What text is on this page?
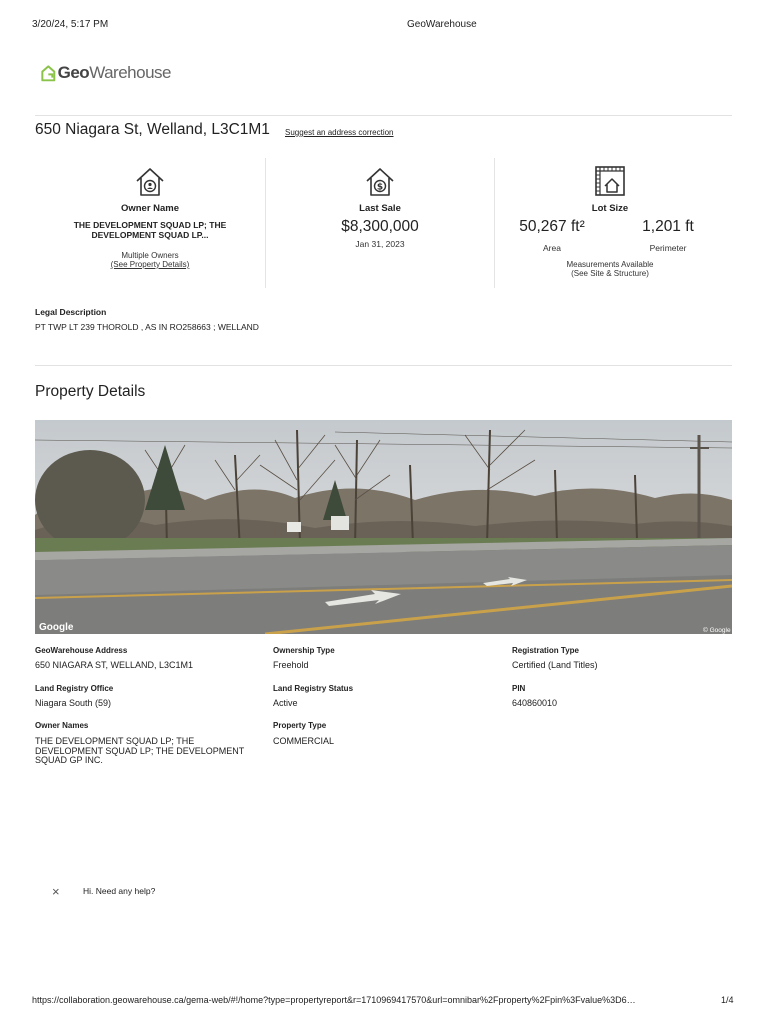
3/20/24, 5:17 PM	GeoWarehouse
GeoWarehouse
650 Niagara St, Welland, L3C1M1 Suggest an address correction
Owner Name
THE DEVELOPMENT SQUAD LP; THE DEVELOPMENT SQUAD LP...
Multiple Owners
(See Property Details)
$
Last Sale
$8,300,000
Jan 31, 2023
Lot Size
50,267 ft²	1,201 ft
Area	Perimeter
Measurements Available
(See Site & Structure)
Legal Description
PT TWP LT 239 THOROLD , AS IN RO258663 ; WELLAND
Property Details
Google	© Google
GeoWarehouse Address
650 NIAGARA ST, WELLAND, L3C1M1
Ownership Type
Freehold
Registration Type
Certified (Land Titles)
Land Registry Office
Niagara South (59)
Land Registry Status
Active
PIN
640860010
Owner Names
THE DEVELOPMENT SQUAD LP; THE DEVELOPMENT SQUAD LP; THE DEVELOPMENT SQUAD GP INC.
Property Type
COMMERCIAL
×	Hi. Need any help?
https://collaboration.geowarehouse.ca/gema-web/#!/home?type=propertyreport&r=1710969417570&url=omnibar%2Fproperty%2Fpin%3Fvalue%3D6…	1/4
